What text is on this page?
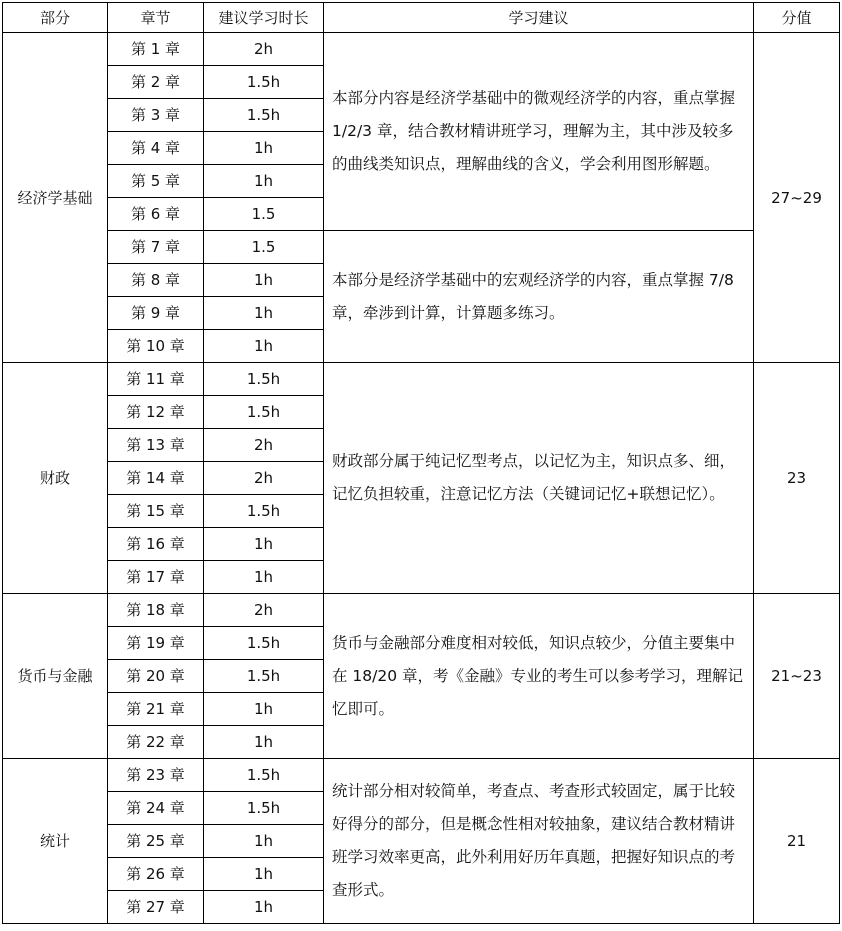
部分	章节	建议学习时长	学习建议	分值
经济学基础	第 1 章	2h	本部分内容是经济学基础中的微观经济学的内容，重点掌握 1/2/3 章，结合教材精讲班学习，理解为主，其中涉及较多的曲线类知识点，理解曲线的含义，学会利用图形解题。	27~29
	第 2 章	1.5h		
	第 3 章	1.5h		
	第 4 章	1h		
	第 5 章	1h		
	第 6 章	1.5		
	第 7 章	1.5	本部分是经济学基础中的宏观经济学的内容，重点掌握 7/8 章，牵涉到计算，计算题多练习。	
	第 8 章	1h		
	第 9 章	1h		
	第 10 章	1h		
财政	第 11 章	1.5h	财政部分属于纯记忆型考点，以记忆为主，知识点多、细，记忆负担较重，注意记忆方法（关键词记忆+联想记忆）。	23
	第 12 章	1.5h		
	第 13 章	2h		
	第 14 章	2h		
	第 15 章	1.5h		
	第 16 章	1h		
	第 17 章	1h		
货币与金融	第 18 章	2h	货币与金融部分难度相对较低，知识点较少，分值主要集中在 18/20 章，考《金融》专业的考生可以参考学习，理解记忆即可。	21~23
	第 19 章	1.5h		
	第 20 章	1.5h		
	第 21 章	1h		
	第 22 章	1h		
统计	第 23 章	1.5h	统计部分相对较简单，考查点、考查形式较固定，属于比较好得分的部分，但是概念性相对较抽象，建议结合教材精讲班学习效率更高，此外利用好历年真题，把握好知识点的考查形式。	21
	第 24 章	1.5h		
	第 25 章	1h		
	第 26 章	1h		
	第 27 章	1h		
